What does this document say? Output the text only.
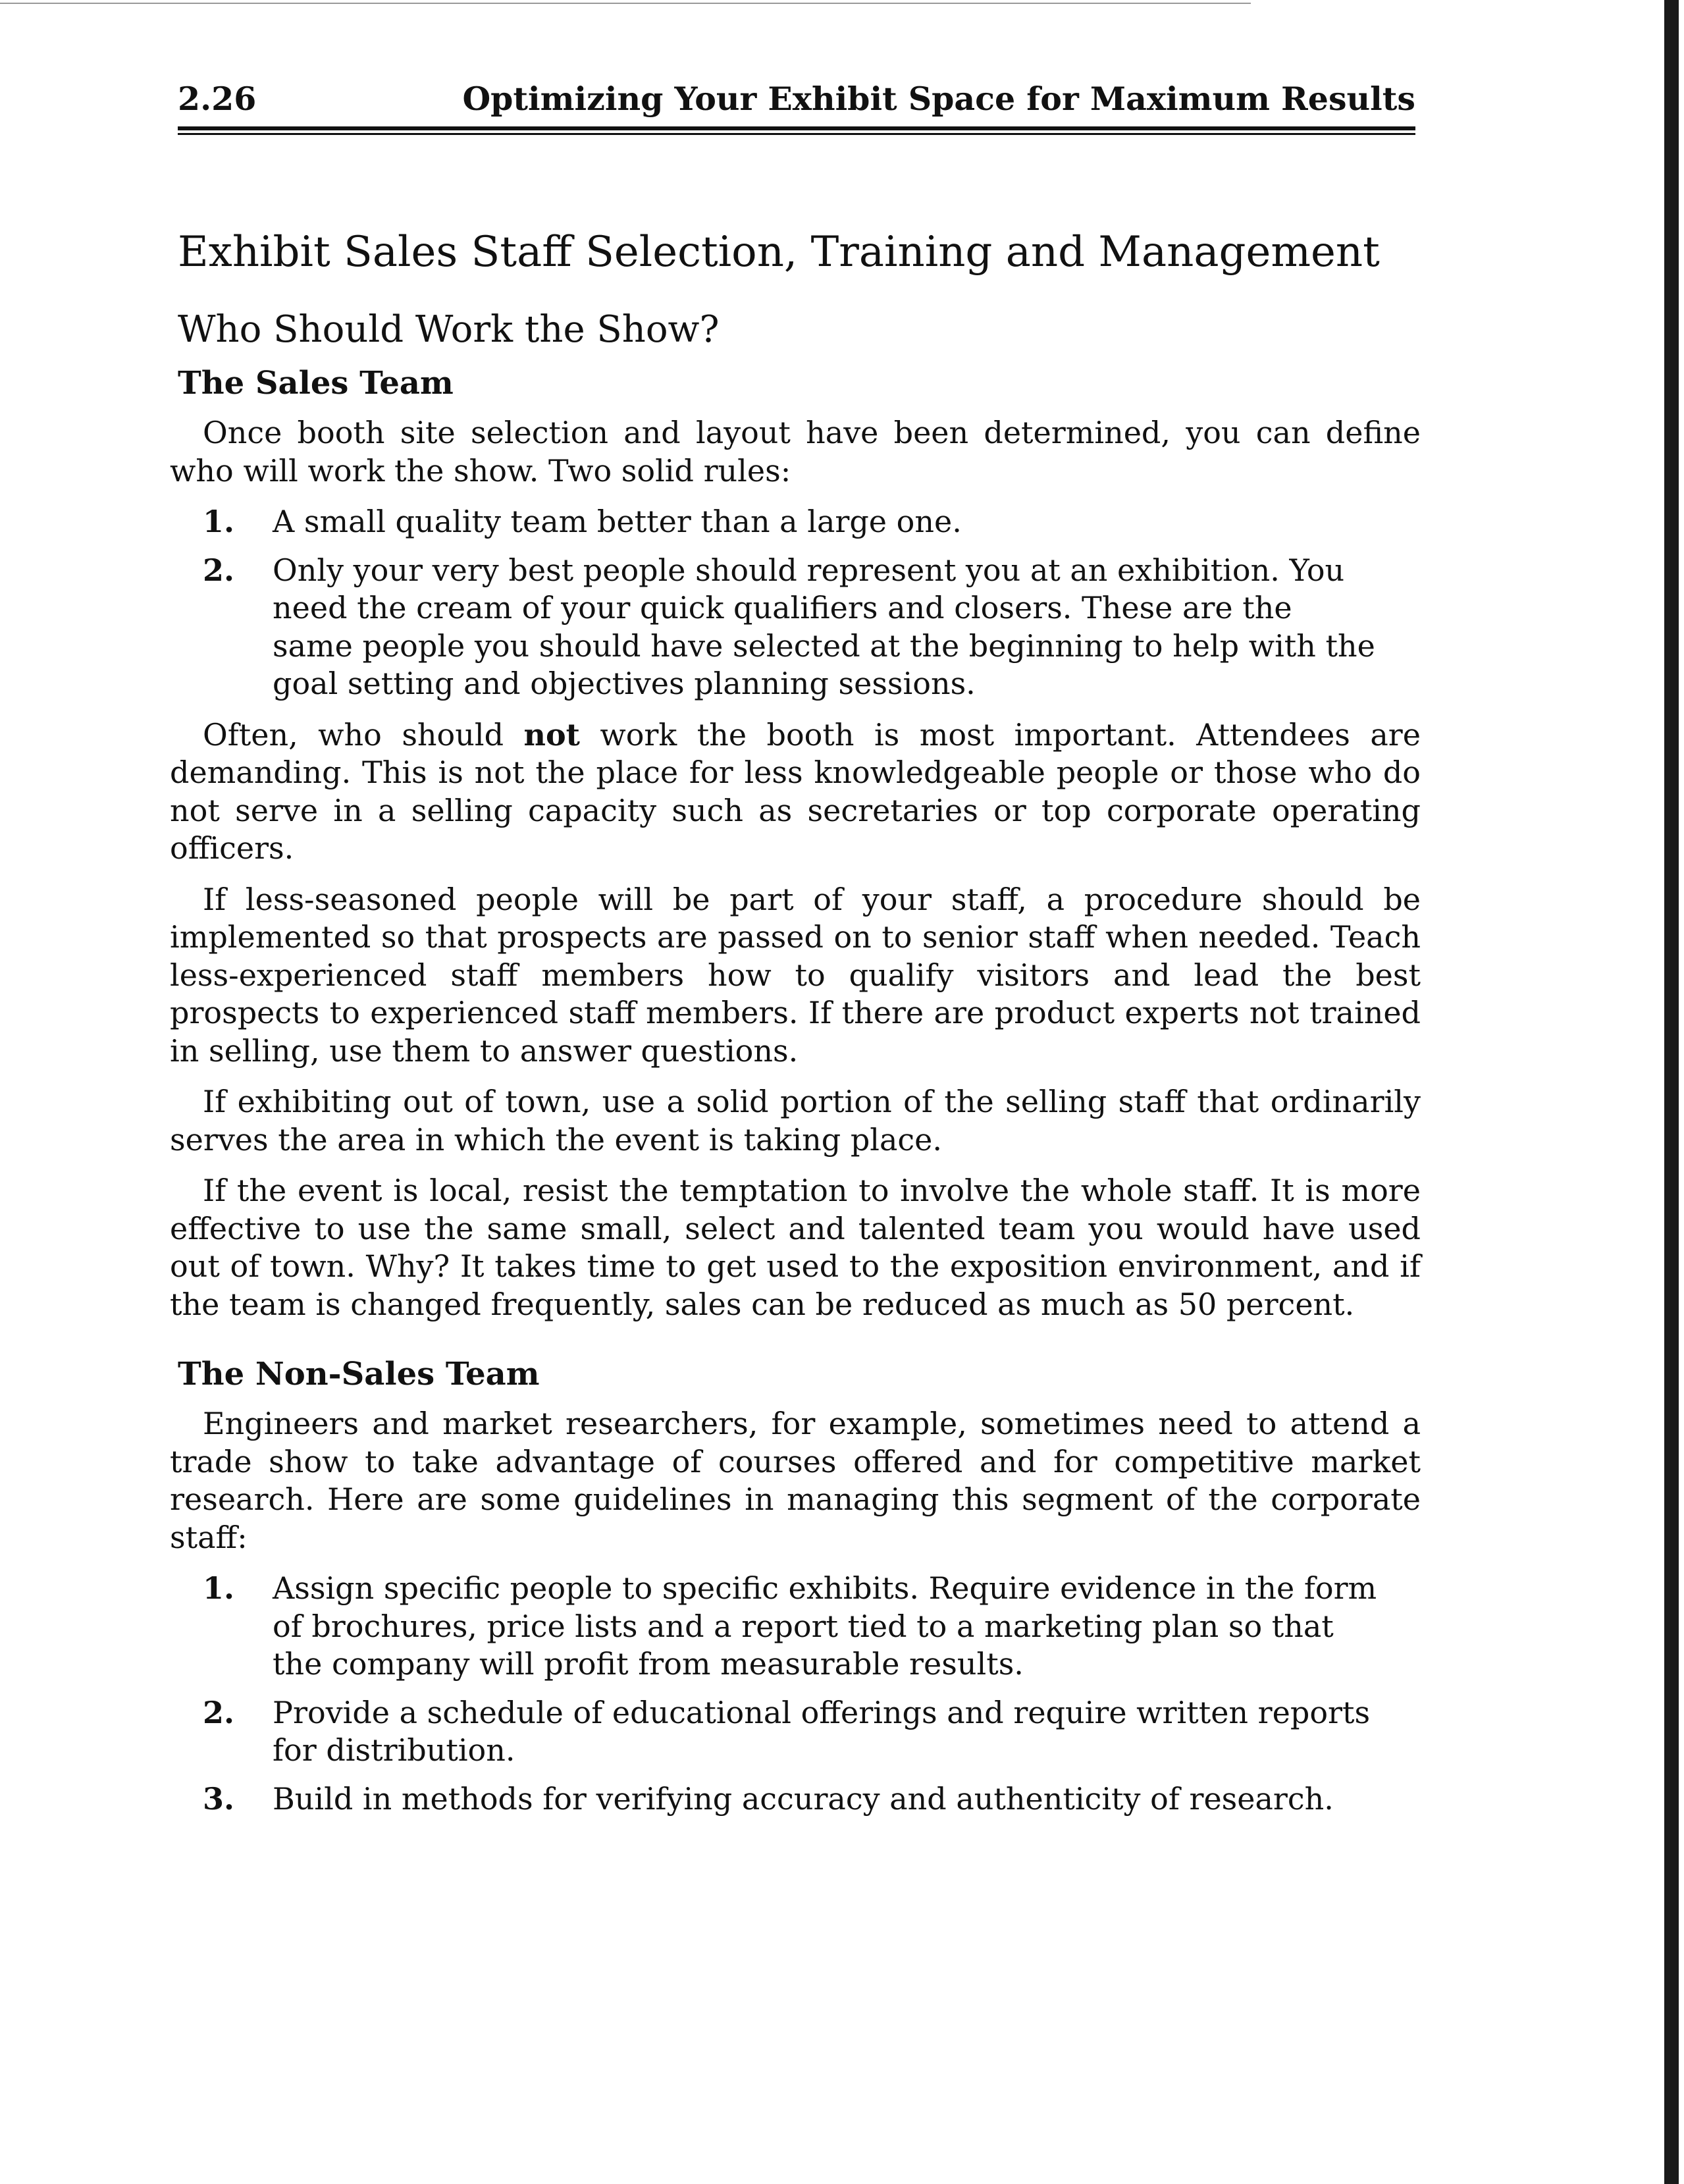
2.26	Optimizing Your Exhibit Space for Maximum Results
Exhibit Sales Staff Selection, Training and Management
Who Should Work the Show?
The Sales Team

Once booth site selection and layout have been determined, you can define who will work the show. Two solid rules:

1.	A small quality team better than a large one.
2.	Only your very best people should represent you at an exhibition. You need the cream of your quick qualifiers and closers. These are the same people you should have selected at the beginning to help with the goal setting and objectives planning sessions.

Often, who should not work the booth is most important. Attendees are demanding. This is not the place for less knowledgeable people or those who do not serve in a selling capacity such as secretaries or top corporate operating officers.

If less-seasoned people will be part of your staff, a procedure should be implemented so that prospects are passed on to senior staff when needed. Teach less-experienced staff members how to qualify visitors and lead the best prospects to experienced staff members. If there are product experts not trained in selling, use them to answer questions.

If exhibiting out of town, use a solid portion of the selling staff that ordinarily serves the area in which the event is taking place.

If the event is local, resist the temptation to involve the whole staff. It is more effective to use the same small, select and talented team you would have used out of town. Why? It takes time to get used to the exposition environment, and if the team is changed frequently, sales can be reduced as much as 50 percent.

The Non-Sales Team

Engineers and market researchers, for example, sometimes need to attend a trade show to take advantage of courses offered and for competitive market research. Here are some guidelines in managing this segment of the corporate staff:

1.	Assign specific people to specific exhibits. Require evidence in the form of brochures, price lists and a report tied to a marketing plan so that the company will profit from measurable results.
2.	Provide a schedule of educational offerings and require written reports for distribution.
3.	Build in methods for verifying accuracy and authenticity of research.
